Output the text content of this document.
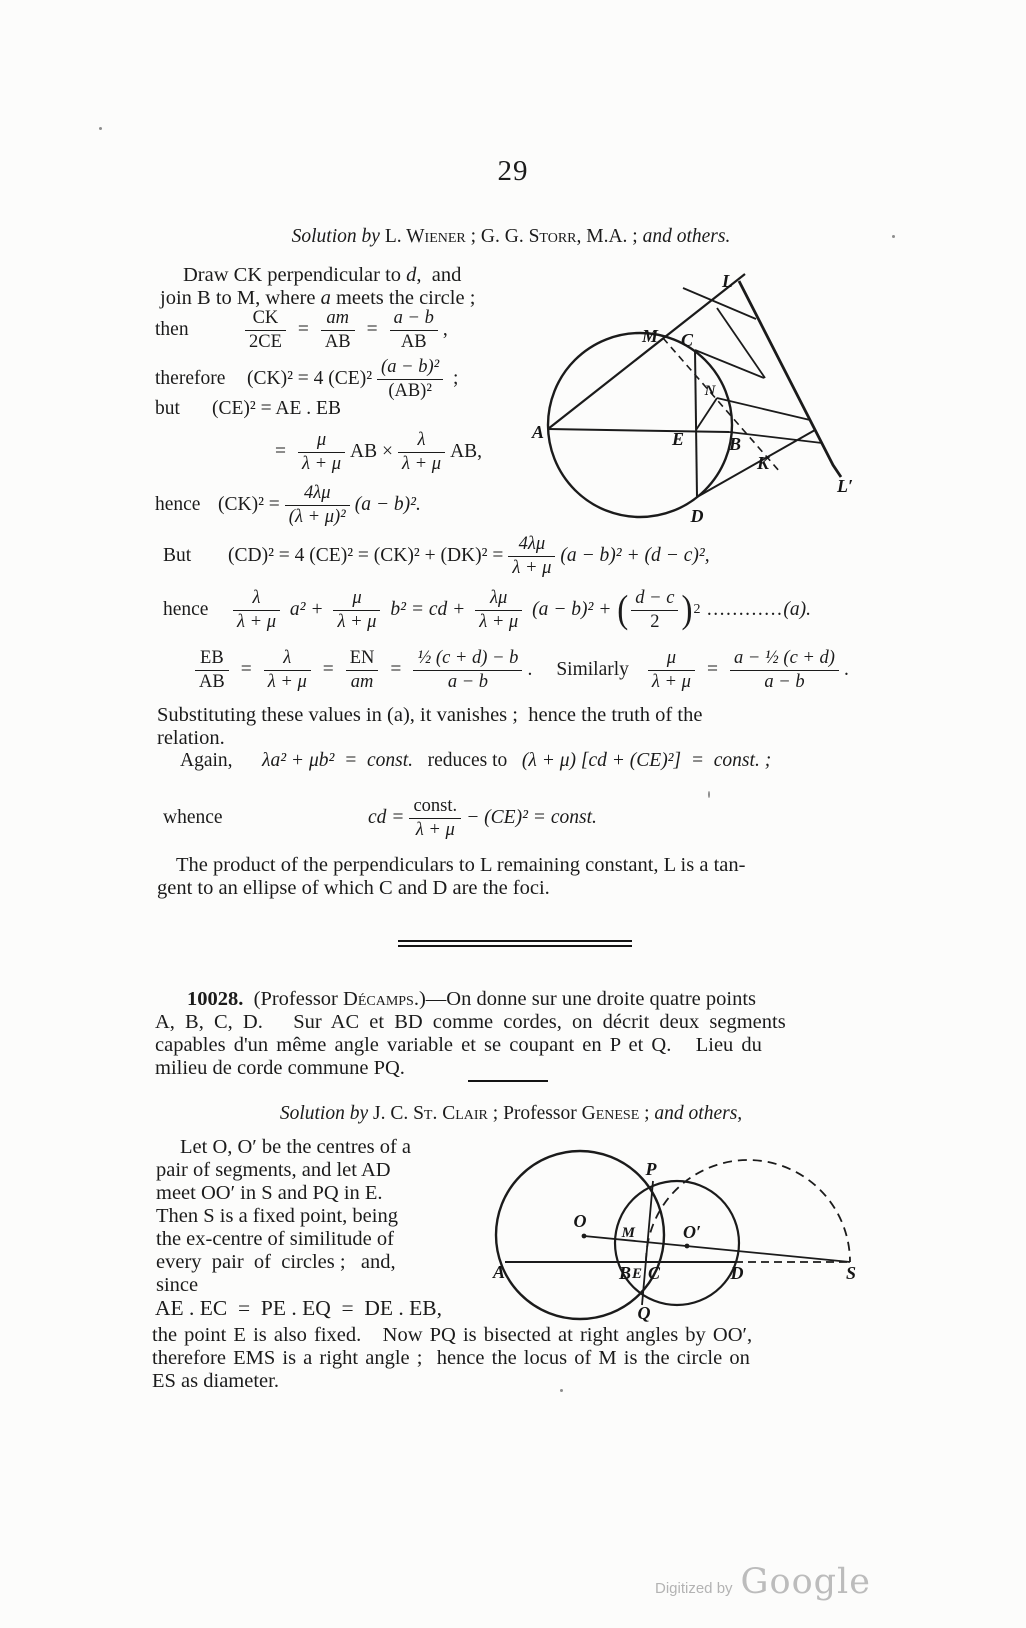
29
Solution by L. Wiener ; G. G. Storr, M.A. ; and others.
Draw CK perpendicular to d,  and
join B to M, where a meets the circle ;
then	$\frac{CK}{2CE} = \frac{am}{AB} = \frac{a - b}{AB}$ ,
therefore	(CK)² = 4 (CE)²
(a − b)²
(AB)²
;
but	(CE)² = AE . EB
= $\frac{\mu}{\lambda + \mu}$ AB × $\frac{\lambda}{\lambda + \mu}$ AB,
hence $(CK)^2 = \frac{4\lambda\mu}{\text{(λ + μ)²}} (a - b)^2$.
But	(CD)² = 4 $(CE)^2 = (CK)^2 + (DK)^2 = \frac{4\lambda\mu}{\lambda + \mu} (a - b)^2 + (d - c)^2$,
hence
λ
λ + μ
$a^2 + \frac{\mu}{\lambda + \mu} b^2$ = cd + $\frac{\lambda\mu}{\lambda + \mu} (a - b)^2$ + ( d − c
2 ) 2 ............ (a).
$\frac{EB}{AB} = \frac{\lambda}{\lambda + \mu} = \frac{EN}{am} = \frac{\text{½ (c + d) − b}}{a - b}$ . Similarly $\frac{\mu}{\lambda + \mu} = \frac{\text{a − ½ (c + d)}}{a - b}$ .
Substituting these values in (a), it vanishes ;  hence the truth of the
relation.
Again,	λa² + μb²  =  const. reduces to (λ + μ) [cd + (CE)²]  =  const. ;
whence	cd =
const.
λ + μ
− (CE)² = const.
The product of the perpendiculars to L remaining constant, L is a tan-
gent to an ellipse of which C and D are the foci.
10028.  (Professor Décamps.)—On donne sur une droite quatre points
A, B, C, D.   Sur AC et BD comme cordes, on décrit deux segments
capables d'un même angle variable et se coupant en P et Q.   Lieu du
milieu de corde commune PQ.
Solution by J. C. St. Clair ; Professor Genese ; and others,
Let O, O′ be the centres of a
pair of segments, and let AD
meet OO′ in S and PQ in E.
Then S is a fixed point, being
the ex-centre of similitude of
every  pair  of  circles ;   and,
since
AE . EC  =  PE . EQ  =  DE . EB,
the point E is also fixed.   Now PQ is bisected at right angles by OO′,
therefore EMS is a right angle ;  hence the locus of M is the circle on
ES as diameter.
L
M C
N
A	E B
K
D
L′
O
O′
M
P
Q
A	B E C	D	S
Digitized by Google
